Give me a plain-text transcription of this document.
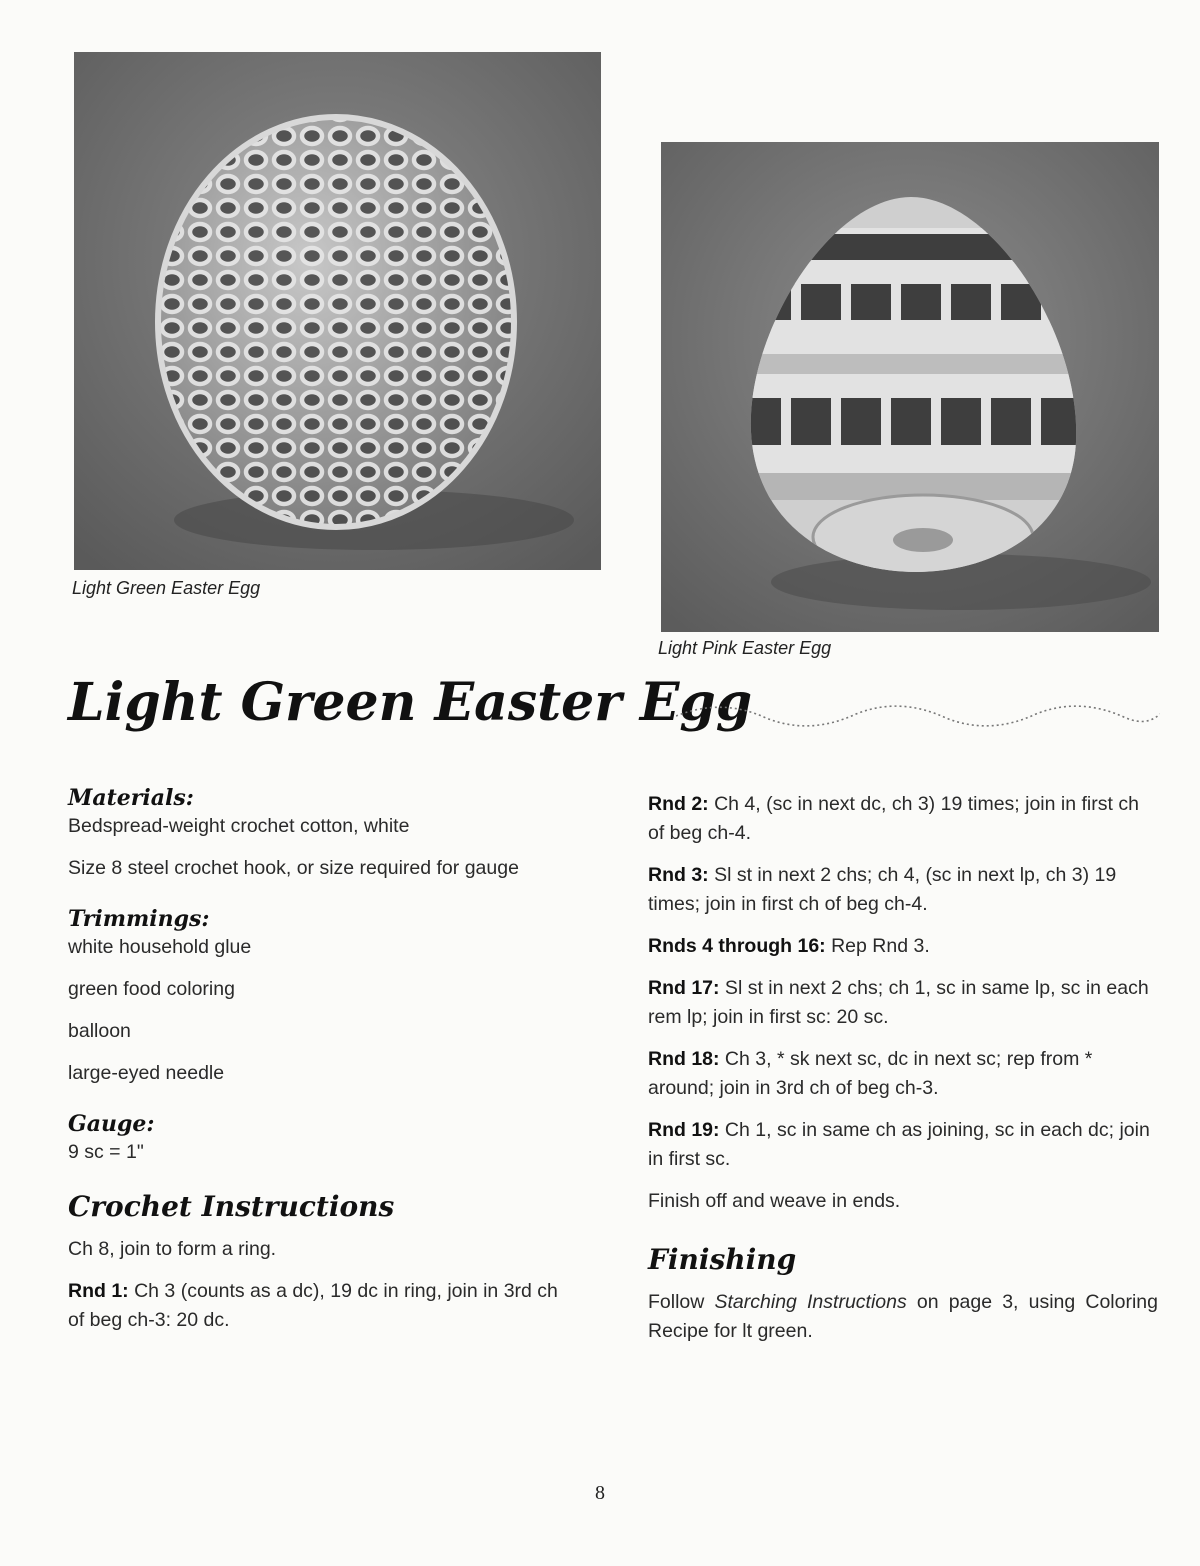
Light Green Easter Egg
Light Pink Easter Egg
Light Green Easter Egg
Materials:

Bedspread-weight crochet cotton, white

Size 8 steel crochet hook, or size required for gauge

Trimmings:

white household glue

green food coloring

balloon

large-eyed needle

Gauge:

9 sc = 1"

Crochet Instructions

Ch 8, join to form a ring.

Rnd 1: Ch 3 (counts as a dc), 19 dc in ring, join in 3rd ch of beg ch-3: 20 dc.

Rnd 2: Ch 4, (sc in next dc, ch 3) 19 times; join in first ch of beg ch-4.

Rnd 3: Sl st in next 2 chs; ch 4, (sc in next lp, ch 3) 19 times; join in first ch of beg ch-4.

Rnds 4 through 16: Rep Rnd 3.

Rnd 17: Sl st in next 2 chs; ch 1, sc in same lp, sc in each rem lp; join in first sc: 20 sc.

Rnd 18: Ch 3, * sk next sc, dc in next sc; rep from * around; join in 3rd ch of beg ch-3.

Rnd 19: Ch 1, sc in same ch as joining, sc in each dc; join in first sc.

Finish off and weave in ends.

Finishing

Follow Starching Instructions on page 3, using Coloring Recipe for lt green.

8
